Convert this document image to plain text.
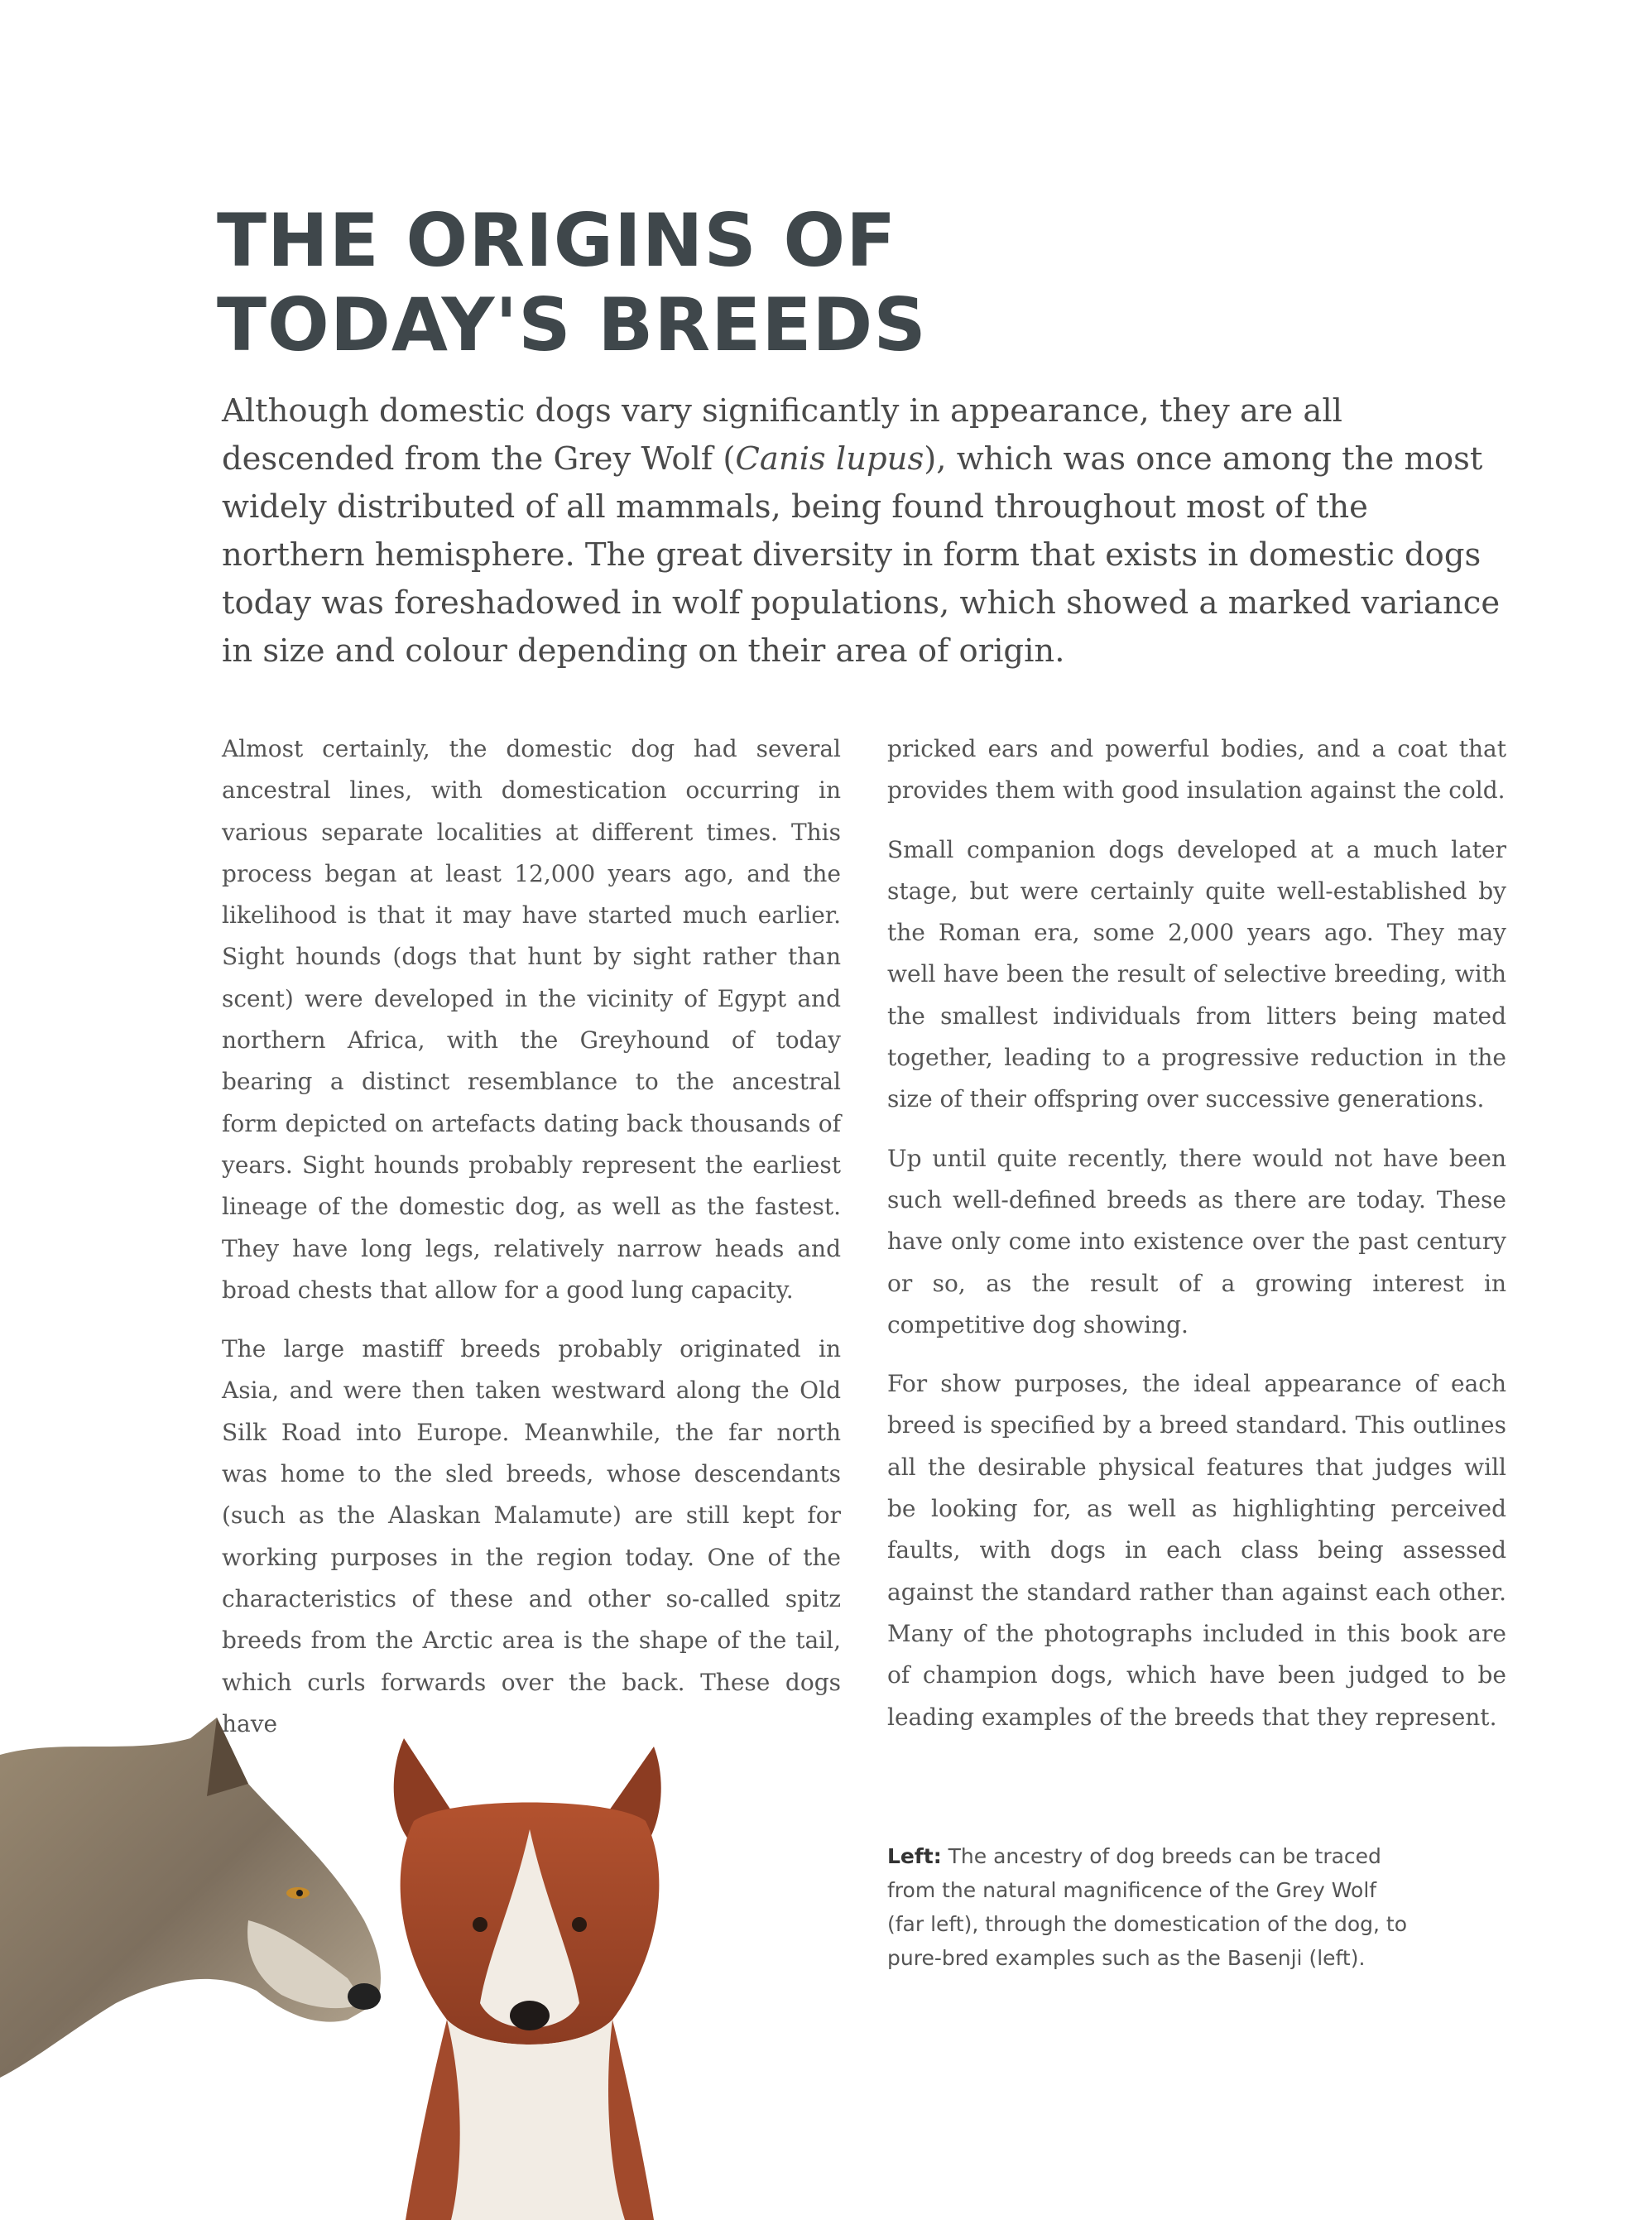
THE ORIGINS OF
TODAY'S BREEDS
Although domestic dogs vary significantly in appearance, they are all descended from the Grey Wolf (Canis lupus), which was once among the most widely distributed of all mammals, being found throughout most of the northern hemisphere. The great diversity in form that exists in domestic dogs today was foreshadowed in wolf populations, which showed a marked variance in size and colour depending on their area of origin.

Almost certainly, the domestic dog had several ancestral lines, with domestication occurring in various separate localities at different times. This process began at least 12,000 years ago, and the likelihood is that it may have started much earlier. Sight hounds (dogs that hunt by sight rather than scent) were developed in the vicinity of Egypt and northern Africa, with the Greyhound of today bearing a distinct resemblance to the ancestral form depicted on artefacts dating back thousands of years. Sight hounds probably represent the earliest lineage of the domestic dog, as well as the fastest. They have long legs, relatively narrow heads and broad chests that allow for a good lung capacity.

The large mastiff breeds probably originated in Asia, and were then taken westward along the Old Silk Road into Europe. Meanwhile, the far north was home to the sled breeds, whose descendants (such as the Alaskan Malamute) are still kept for working purposes in the region today. One of the characteristics of these and other so-called spitz breeds from the Arctic area is the shape of the tail, which curls forwards over the back. These dogs have

pricked ears and powerful bodies, and a coat that provides them with good insulation against the cold.

Small companion dogs developed at a much later stage, but were certainly quite well-established by the Roman era, some 2,000 years ago. They may well have been the result of selective breeding, with the smallest individuals from litters being mated together, leading to a progressive reduction in the size of their offspring over successive generations.

Up until quite recently, there would not have been such well-defined breeds as there are today. These have only come into existence over the past century or so, as the result of a growing interest in competitive dog showing.

For show purposes, the ideal appearance of each breed is specified by a breed standard. This outlines all the desirable physical features that judges will be looking for, as well as highlighting perceived faults, with dogs in each class being assessed against the standard rather than against each other. Many of the photographs included in this book are of champion dogs, which have been judged to be leading examples of the breeds that they represent.

Left: The ancestry of dog breeds can be traced from the natural magnificence of the Grey Wolf (far left), through the domestication of the dog, to pure-bred examples such as the Basenji (left).
